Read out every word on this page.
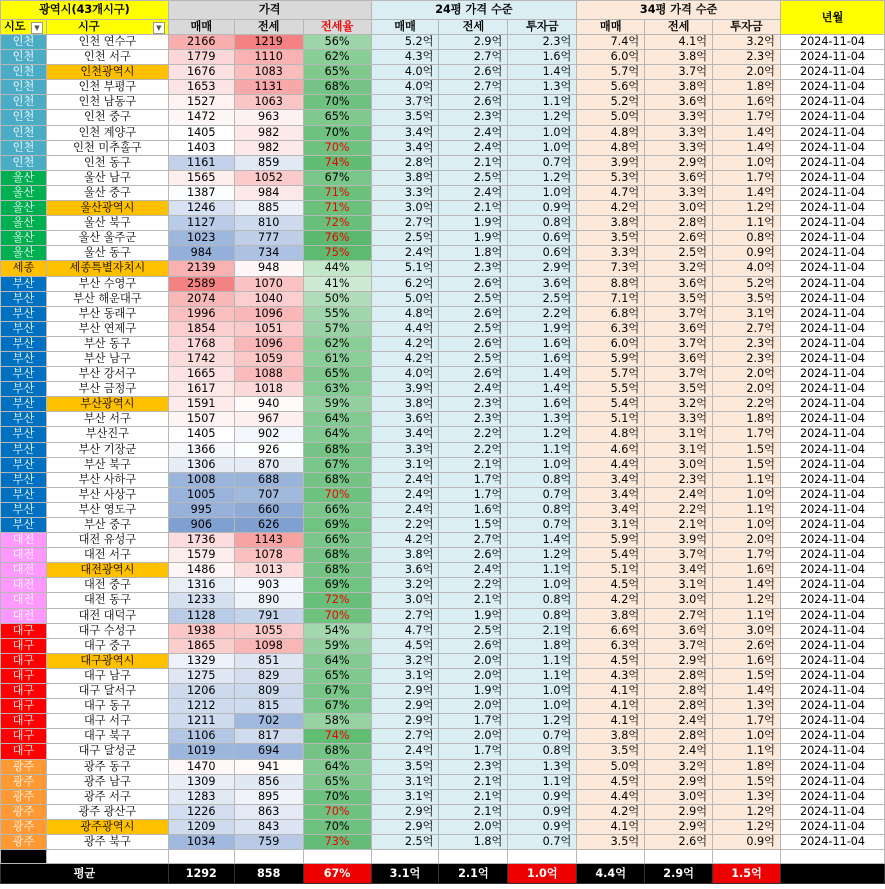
광역시(43개시구)		가격			24평 가격 수준			34평 가격 수준			년월
시도 ▼	시구 ▼	매매	전세	전세율	매매	전세	투자금	매매	전세	투자금	
인천	인천 연수구	2166	1219	56%	5.2억	2.9억	2.3억	7.4억	4.1억	3.2억	2024-11-04
인천	인천 서구	1779	1110	62%	4.3억	2.7억	1.6억	6.0억	3.8억	2.3억	2024-11-04
인천	인천광역시	1676	1083	65%	4.0억	2.6억	1.4억	5.7억	3.7억	2.0억	2024-11-04
인천	인천 부평구	1653	1131	68%	4.0억	2.7억	1.3억	5.6억	3.8억	1.8억	2024-11-04
인천	인천 남동구	1527	1063	70%	3.7억	2.6억	1.1억	5.2억	3.6억	1.6억	2024-11-04
인천	인천 중구	1472	963	65%	3.5억	2.3억	1.2억	5.0억	3.3억	1.7억	2024-11-04
인천	인천 계양구	1405	982	70%	3.4억	2.4억	1.0억	4.8억	3.3억	1.4억	2024-11-04
인천	인천 미추홀구	1403	982	70%	3.4억	2.4억	1.0억	4.8억	3.3억	1.4억	2024-11-04
인천	인천 동구	1161	859	74%	2.8억	2.1억	0.7억	3.9억	2.9억	1.0억	2024-11-04
울산	울산 남구	1565	1052	67%	3.8억	2.5억	1.2억	5.3억	3.6억	1.7억	2024-11-04
울산	울산 중구	1387	984	71%	3.3억	2.4억	1.0억	4.7억	3.3억	1.4억	2024-11-04
울산	울산광역시	1246	885	71%	3.0억	2.1억	0.9억	4.2억	3.0억	1.2억	2024-11-04
울산	울산 북구	1127	810	72%	2.7억	1.9억	0.8억	3.8억	2.8억	1.1억	2024-11-04
울산	울산 울주군	1023	777	76%	2.5억	1.9억	0.6억	3.5억	2.6억	0.8억	2024-11-04
울산	울산 동구	984	734	75%	2.4억	1.8억	0.6억	3.3억	2.5억	0.9억	2024-11-04
세종	세종특별자치시	2139	948	44%	5.1억	2.3억	2.9억	7.3억	3.2억	4.0억	2024-11-04
부산	부산 수영구	2589	1070	41%	6.2억	2.6억	3.6억	8.8억	3.6억	5.2억	2024-11-04
부산	부산 해운대구	2074	1040	50%	5.0억	2.5억	2.5억	7.1억	3.5억	3.5억	2024-11-04
부산	부산 동래구	1996	1096	55%	4.8억	2.6억	2.2억	6.8억	3.7억	3.1억	2024-11-04
부산	부산 연제구	1854	1051	57%	4.4억	2.5억	1.9억	6.3억	3.6억	2.7억	2024-11-04
부산	부산 동구	1768	1096	62%	4.2억	2.6억	1.6억	6.0억	3.7억	2.3억	2024-11-04
부산	부산 남구	1742	1059	61%	4.2억	2.5억	1.6억	5.9억	3.6억	2.3억	2024-11-04
부산	부산 강서구	1665	1088	65%	4.0억	2.6억	1.4억	5.7억	3.7억	2.0억	2024-11-04
부산	부산 금정구	1617	1018	63%	3.9억	2.4억	1.4억	5.5억	3.5억	2.0억	2024-11-04
부산	부산광역시	1591	940	59%	3.8억	2.3억	1.6억	5.4억	3.2억	2.2억	2024-11-04
부산	부산 서구	1507	967	64%	3.6억	2.3억	1.3억	5.1억	3.3억	1.8억	2024-11-04
부산	부산진구	1405	902	64%	3.4억	2.2억	1.2억	4.8억	3.1억	1.7억	2024-11-04
부산	부산 기장군	1366	926	68%	3.3억	2.2억	1.1억	4.6억	3.1억	1.5억	2024-11-04
부산	부산 북구	1306	870	67%	3.1억	2.1억	1.0억	4.4억	3.0억	1.5억	2024-11-04
부산	부산 사하구	1008	688	68%	2.4억	1.7억	0.8억	3.4억	2.3억	1.1억	2024-11-04
부산	부산 사상구	1005	707	70%	2.4억	1.7억	0.7억	3.4억	2.4억	1.0억	2024-11-04
부산	부산 영도구	995	660	66%	2.4억	1.6억	0.8억	3.4억	2.2억	1.1억	2024-11-04
부산	부산 중구	906	626	69%	2.2억	1.5억	0.7억	3.1억	2.1억	1.0억	2024-11-04
대전	대전 유성구	1736	1143	66%	4.2억	2.7억	1.4억	5.9억	3.9억	2.0억	2024-11-04
대전	대전 서구	1579	1078	68%	3.8억	2.6억	1.2억	5.4억	3.7억	1.7억	2024-11-04
대전	대전광역시	1486	1013	68%	3.6억	2.4억	1.1억	5.1억	3.4억	1.6억	2024-11-04
대전	대전 중구	1316	903	69%	3.2억	2.2억	1.0억	4.5억	3.1억	1.4억	2024-11-04
대전	대전 동구	1233	890	72%	3.0억	2.1억	0.8억	4.2억	3.0억	1.2억	2024-11-04
대전	대전 대덕구	1128	791	70%	2.7억	1.9억	0.8억	3.8억	2.7억	1.1억	2024-11-04
대구	대구 수성구	1938	1055	54%	4.7억	2.5억	2.1억	6.6억	3.6억	3.0억	2024-11-04
대구	대구 중구	1865	1098	59%	4.5억	2.6억	1.8억	6.3억	3.7억	2.6억	2024-11-04
대구	대구광역시	1329	851	64%	3.2억	2.0억	1.1억	4.5억	2.9억	1.6억	2024-11-04
대구	대구 남구	1275	829	65%	3.1억	2.0억	1.1억	4.3억	2.8억	1.5억	2024-11-04
대구	대구 달서구	1206	809	67%	2.9억	1.9억	1.0억	4.1억	2.8억	1.4억	2024-11-04
대구	대구 동구	1212	815	67%	2.9억	2.0억	1.0억	4.1억	2.8억	1.3억	2024-11-04
대구	대구 서구	1211	702	58%	2.9억	1.7억	1.2억	4.1억	2.4억	1.7억	2024-11-04
대구	대구 북구	1106	817	74%	2.7억	2.0억	0.7억	3.8억	2.8억	1.0억	2024-11-04
대구	대구 달성군	1019	694	68%	2.4억	1.7억	0.8억	3.5억	2.4억	1.1억	2024-11-04
광주	광주 동구	1470	941	64%	3.5억	2.3억	1.3억	5.0억	3.2억	1.8억	2024-11-04
광주	광주 남구	1309	856	65%	3.1억	2.1억	1.1억	4.5억	2.9억	1.5억	2024-11-04
광주	광주 서구	1283	895	70%	3.1억	2.1억	0.9억	4.4억	3.0억	1.3억	2024-11-04
광주	광주 광산구	1226	863	70%	2.9억	2.1억	0.9억	4.2억	2.9억	1.2억	2024-11-04
광주	광주광역시	1209	843	70%	2.9억	2.0억	0.9억	4.1억	2.9억	1.2억	2024-11-04
광주	광주 북구	1034	759	73%	2.5억	1.8억	0.7억	3.5억	2.6억	0.9억	2024-11-04

평균		1292	858	67%	3.1억	2.1억	1.0억	4.4억	2.9억	1.5억	
